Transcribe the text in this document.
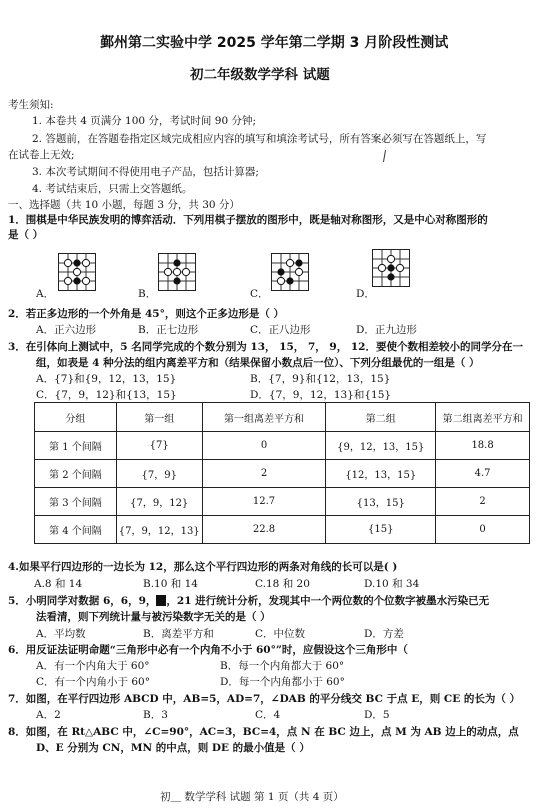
鄞州第二实验中学 2025 学年第二学期 3 月阶段性测试
初二年级数学学科 试题
考生须知:
1. 本卷共 4 页满分 100 分，考试时间 90 分钟;
2. 答题前，在答题卷指定区域完成相应内容的填写和填涂考试号，所有答案必须写在答题纸上，写
在试卷上无效;
3. 本次考试期间不得使用电子产品，包括计算器;
4. 考试结束后，只需上交答题纸。
一、选择题（共 10 小题，每题 3 分，共 30 分）
1．围棋是中华民族发明的博弈活动．下列用棋子摆放的图形中，既是轴对称图形，又是中心对称图形的
是（ ）
A．	B．	C．	D．
2．若正多边形的一个外角是 45°，则这个正多边形是（ ）
A．正六边形	B．正七边形	C．正八边形	D．正九边形
3．在引体向上测试中，5 名同学完成的个数分别为 13， 15， 7， 9， 12．要使个数相差较小的同学分在一
组，如表是 4 种分法的组内离差平方和（结果保留小数点后一位）、下列分组最优的一组是（ ）
A．{7}和{9，12，13，15}	B．{7，9}和{12，13，15}
C．{7，9，12}和{13，15}	D．{7，9，12，13}和{15}
分组	第一组	第一组离差平方和	第二组	第二组离差平方和
第 1 个间隔	{7}	0	{9，12，13，15}	18.8
第 2 个间隔	{7，9}	2	{12，13，15}	4.7
第 3 个间隔	{7，9，12}	12.7	{13，15}	2
第 4 个间隔	{7，9，12，13}	22.8	{15}	0
4.如果平行四边形的一边长为 12，那么这个平行四边形的两条对角线的长可以是( )
A.8 和 14	B.10 和 14	C.18 和 20	D.10 和 34
5．小明同学对数据 6，6，9， ，21 进行统计分析，发现其中一个两位数的个位数字被墨水污染已无
法看清，则下列统计量与被污染数字无关的是（ ）
A．平均数	B．离差平方和	C．中位数	D．方差
6．用反证法证明命题“三角形中必有一个内角不小于 60°”时，应假设这个三角形中（
A．有一个内角大于 60°	B．每一个内角都大于 60°
C．有一个内角小于 60°	D．每一个内角都小于 60°
7．如图，在平行四边形 ABCD 中，AB=5，AD=7，∠DAB 的平分线交 BC 于点 E，则 CE 的长为（ ）
A．2	B．3	C．4	D．5
8．如图，在 Rt△ABC 中，∠C=90°，AC=3，BC=4，点 N 在 BC 边上，点 M 为 AB 边上的动点，点
D、E 分别为 CN，MN 的中点，则 DE 的最小值是（ ）
初＿ 数学学科 试题 第 1 页（共 4 页）
